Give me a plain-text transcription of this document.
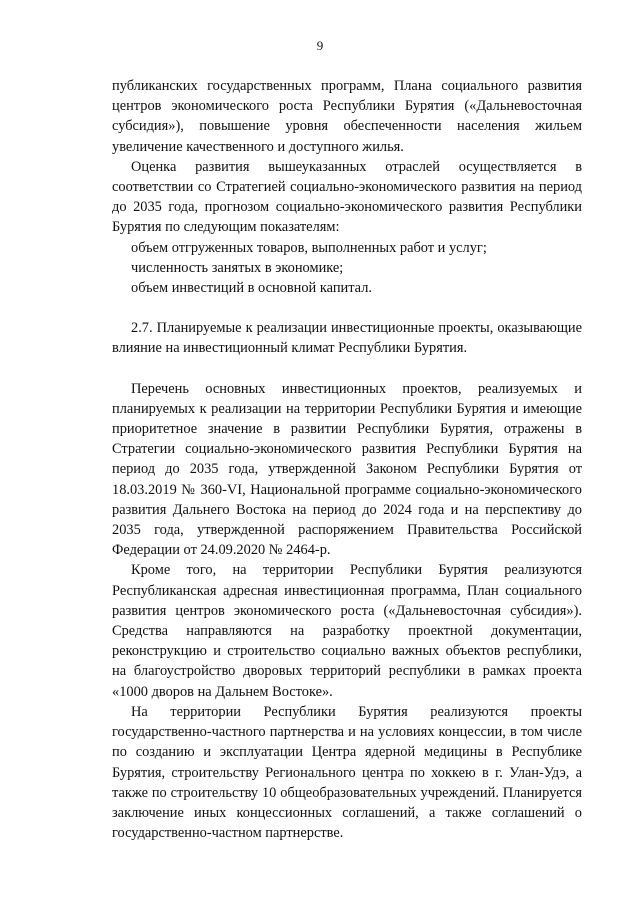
9

публиканских государственных программ, Плана социального развития центров экономического роста Республики Бурятия («Дальневосточная субсидия»), повышение уровня обеспеченности населения жильем увеличение качественного и доступного жилья.

Оценка развития вышеуказанных отраслей осуществляется в соответствии со Стратегией социально-экономического развития на период до 2035 года, прогнозом социально-экономического развития Республики Бурятия по следующим показателям:

объем отгруженных товаров, выполненных работ и услуг;

численность занятых в экономике;

объем инвестиций в основной капитал.

2.7. Планируемые к реализации инвестиционные проекты, оказывающие влияние на инвестиционный климат Республики Бурятия.

Перечень основных инвестиционных проектов, реализуемых и планируемых к реализации на территории Республики Бурятия и имеющие приоритетное значение в развитии Республики Бурятия, отражены в Стратегии социально-экономического развития Республики Бурятия на период до 2035 года, утвержденной Законом Республики Бурятия от 18.03.2019 № 360-VI, Национальной программе социально-экономического развития Дальнего Востока на период до 2024 года и на перспективу до 2035 года, утвержденной распоряжением Правительства Российской Федерации от 24.09.2020 № 2464-р.

Кроме того, на территории Республики Бурятия реализуются Республиканская адресная инвестиционная программа, План социального развития центров экономического роста («Дальневосточная субсидия»). Средства направляются на разработку проектной документации, реконструкцию и строительство социально важных объектов республики, на благоустройство дворовых территорий республики в рамках проекта «1000 дворов на Дальнем Востоке».

На территории Республики Бурятия реализуются проекты государственно-частного партнерства и на условиях концессии, в том числе по созданию и эксплуатации Центра ядерной медицины в Республике Бурятия, строительству Регионального центра по хоккею в г. Улан-Удэ, а также по строительству 10 общеобразовательных учреждений. Планируется заключение иных концессионных соглашений, а также соглашений о государственно-частном партнерстве.
